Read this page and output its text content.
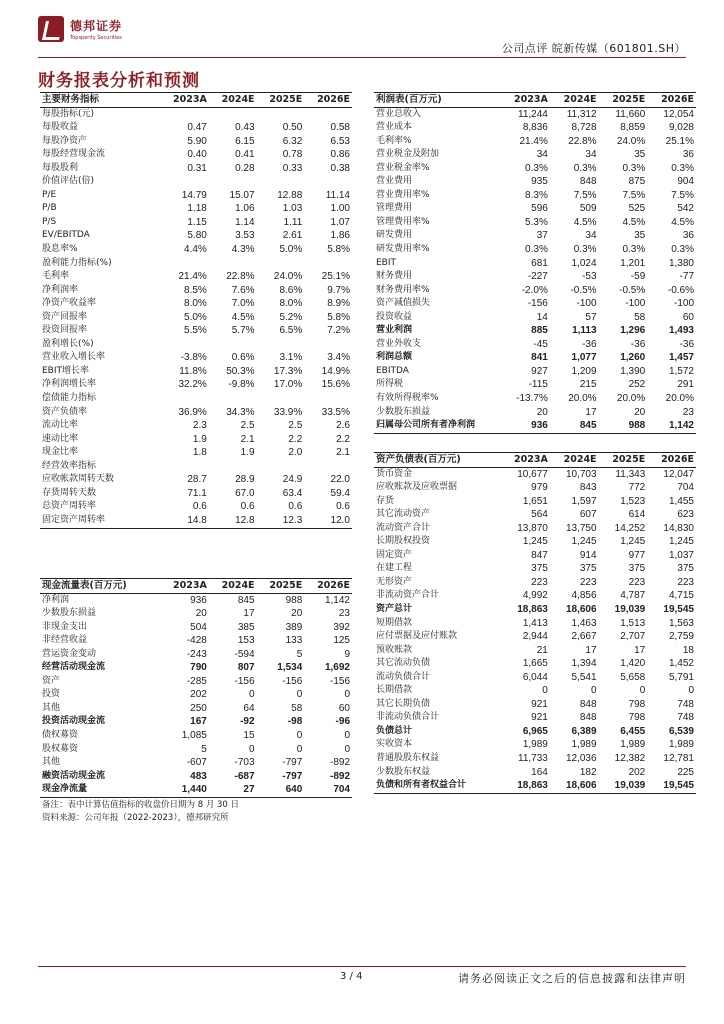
德邦证券
Topsperity Securities
公司点评 皖新传媒（601801.SH）
财务报表分析和预测
主要财务指标	2023A	2024E	2025E	2026E
每股指标(元)				
每股收益	0.47	0.43	0.50	0.58
每股净资产	5.90	6.15	6.32	6.53
每股经营现金流	0.40	0.41	0.78	0.86
每股股利	0.31	0.28	0.33	0.38
价值评估(倍)				
P/E	14.79	15.07	12.88	11.14
P/B	1.18	1.06	1.03	1.00
P/S	1.15	1.14	1.11	1.07
EV/EBITDA	5.80	3.53	2.61	1.86
股息率%	4.4%	4.3%	5.0%	5.8%
盈利能力指标(%)				
毛利率	21.4%	22.8%	24.0%	25.1%
净利润率	8.5%	7.6%	8.6%	9.7%
净资产收益率	8.0%	7.0%	8.0%	8.9%
资产回报率	5.0%	4.5%	5.2%	5.8%
投资回报率	5.5%	5.7%	6.5%	7.2%
盈利增长(%)				
营业收入增长率	-3.8%	0.6%	3.1%	3.4%
EBIT增长率	11.8%	50.3%	17.3%	14.9%
净利润增长率	32.2%	-9.8%	17.0%	15.6%
偿债能力指标				
资产负债率	36.9%	34.3%	33.9%	33.5%
流动比率	2.3	2.5	2.5	2.6
速动比率	1.9	2.1	2.2	2.2
现金比率	1.8	1.9	2.0	2.1
经营效率指标				
应收帐款周转天数	28.7	28.9	24.9	22.0
存货周转天数	71.1	67.0	63.4	59.4
总资产周转率	0.6	0.6	0.6	0.6
固定资产周转率	14.8	12.8	12.3	12.0
现金流量表(百万元)	2023A	2024E	2025E	2026E
净利润	936	845	988	1,142
少数股东损益	20	17	20	23
非现金支出	504	385	389	392
非经营收益	-428	153	133	125
营运资金变动	-243	-594	5	9
经营活动现金流	790	807	1,534	1,692
资产	-285	-156	-156	-156
投资	202	0	0	0
其他	250	64	58	60
投资活动现金流	167	-92	-98	-96
债权募资	1,085	15	0	0
股权募资	5	0	0	0
其他	-607	-703	-797	-892
融资活动现金流	483	-687	-797	-892
现金净流量	1,440	27	640	704
利润表(百万元)	2023A	2024E	2025E	2026E
营业总收入	11,244	11,312	11,660	12,054
营业成本	8,836	8,728	8,859	9,028
毛利率%	21.4%	22.8%	24.0%	25.1%
营业税金及附加	34	34	35	36
营业税金率%	0.3%	0.3%	0.3%	0.3%
营业费用	935	848	875	904
营业费用率%	8.3%	7.5%	7.5%	7.5%
管理费用	596	509	525	542
管理费用率%	5.3%	4.5%	4.5%	4.5%
研发费用	37	34	35	36
研发费用率%	0.3%	0.3%	0.3%	0.3%
EBIT	681	1,024	1,201	1,380
财务费用	-227	-53	-59	-77
财务费用率%	-2.0%	-0.5%	-0.5%	-0.6%
资产减值损失	-156	-100	-100	-100
投资收益	14	57	58	60
营业利润	885	1,113	1,296	1,493
营业外收支	-45	-36	-36	-36
利润总额	841	1,077	1,260	1,457
EBITDA	927	1,209	1,390	1,572
所得税	-115	215	252	291
有效所得税率%	-13.7%	20.0%	20.0%	20.0%
少数股东损益	20	17	20	23
归属母公司所有者净利润	936	845	988	1,142
资产负债表(百万元)	2023A	2024E	2025E	2026E
货币资金	10,677	10,703	11,343	12,047
应收账款及应收票据	979	843	772	704
存货	1,651	1,597	1,523	1,455
其它流动资产	564	607	614	623
流动资产合计	13,870	13,750	14,252	14,830
长期股权投资	1,245	1,245	1,245	1,245
固定资产	847	914	977	1,037
在建工程	375	375	375	375
无形资产	223	223	223	223
非流动资产合计	4,992	4,856	4,787	4,715
资产总计	18,863	18,606	19,039	19,545
短期借款	1,413	1,463	1,513	1,563
应付票据及应付账款	2,944	2,667	2,707	2,759
预收账款	21	17	17	18
其它流动负债	1,665	1,394	1,420	1,452
流动负债合计	6,044	5,541	5,658	5,791
长期借款	0	0	0	0
其它长期负债	921	848	798	748
非流动负债合计	921	848	798	748
负债总计	6,965	6,389	6,455	6,539
实收资本	1,989	1,989	1,989	1,989
普通股股东权益	11,733	12,036	12,382	12,781
少数股东权益	164	182	202	225
负债和所有者权益合计	18,863	18,606	19,039	19,545
备注：表中计算估值指标的收盘价日期为 8 月 30 日
资料来源：公司年报（2022-2023），德邦研究所
3 / 4	请务必阅读正文之后的信息披露和法律声明
